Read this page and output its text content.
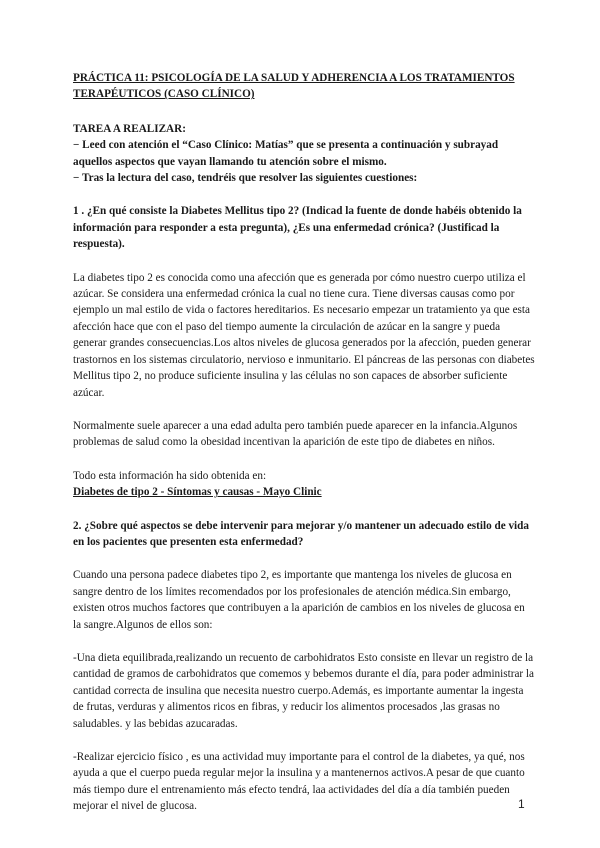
PRÁCTICA 11: PSICOLOGÍA DE LA SALUD Y ADHERENCIA A LOS TRATAMIENTOS TERAPÉUTICOS (CASO CLÍNICO)

TAREA A REALIZAR:

− Leed con atención el “Caso Clínico: Matías” que se presenta a continuación y subrayad aquellos aspectos que vayan llamando tu atención sobre el mismo.

− Tras la lectura del caso, tendréis que resolver las siguientes cuestiones:

1 . ¿En qué consiste la Diabetes Mellitus tipo 2? (Indicad la fuente de donde habéis obtenido la información para responder a esta pregunta), ¿Es una enfermedad crónica? (Justificad la respuesta).

La diabetes tipo 2 es conocida como una afección que es generada por cómo nuestro cuerpo utiliza el azúcar. Se considera una enfermedad crónica la cual no tiene cura. Tiene diversas causas como por ejemplo un mal estilo de vida o factores hereditarios. Es necesario empezar un tratamiento ya que esta afección hace que con el paso del tiempo aumente la circulación de azúcar en la sangre y pueda generar grandes consecuencias.Los altos niveles de glucosa generados por la afección, pueden generar trastornos en los sistemas circulatorio, nervioso e inmunitario. El páncreas de las personas con diabetes Mellitus tipo 2, no produce suficiente insulina y las células no son capaces de absorber suficiente azúcar.

Normalmente suele aparecer a una edad adulta pero también puede aparecer en la infancia.Algunos problemas de salud como la obesidad incentivan la aparición de este tipo de diabetes en niños.

Todo esta información ha sido obtenida en:

Diabetes de tipo 2 - Síntomas y causas - Mayo Clinic

2. ¿Sobre qué aspectos se debe intervenir para mejorar y/o mantener un adecuado estilo de vida en los pacientes que presenten esta enfermedad?

Cuando una persona padece diabetes tipo 2, es importante que mantenga los niveles de glucosa en sangre dentro de los límites recomendados por los profesionales de atención médica.Sin embargo, existen otros muchos factores que contribuyen a la aparición de cambios en los niveles de glucosa en la sangre.Algunos de ellos son:

-Una dieta equilibrada,realizando un recuento de carbohidratos Esto consiste en llevar un registro de la cantidad de gramos de carbohidratos que comemos y bebemos durante el día, para poder administrar la cantidad correcta de insulina que necesita nuestro cuerpo.Además, es importante aumentar la ingesta de frutas, verduras y alimentos ricos en fibras, y reducir los alimentos procesados ,las grasas no saludables. y las bebidas azucaradas.

-Realizar ejercicio físico , es una actividad muy importante para el control de la diabetes, ya qué, nos ayuda a que el cuerpo pueda regular mejor la insulina y a mantenernos activos.A pesar de que cuanto más tiempo dure el entrenamiento más efecto tendrá, laa actividades del día a día también pueden mejorar el nivel de glucosa.	1
